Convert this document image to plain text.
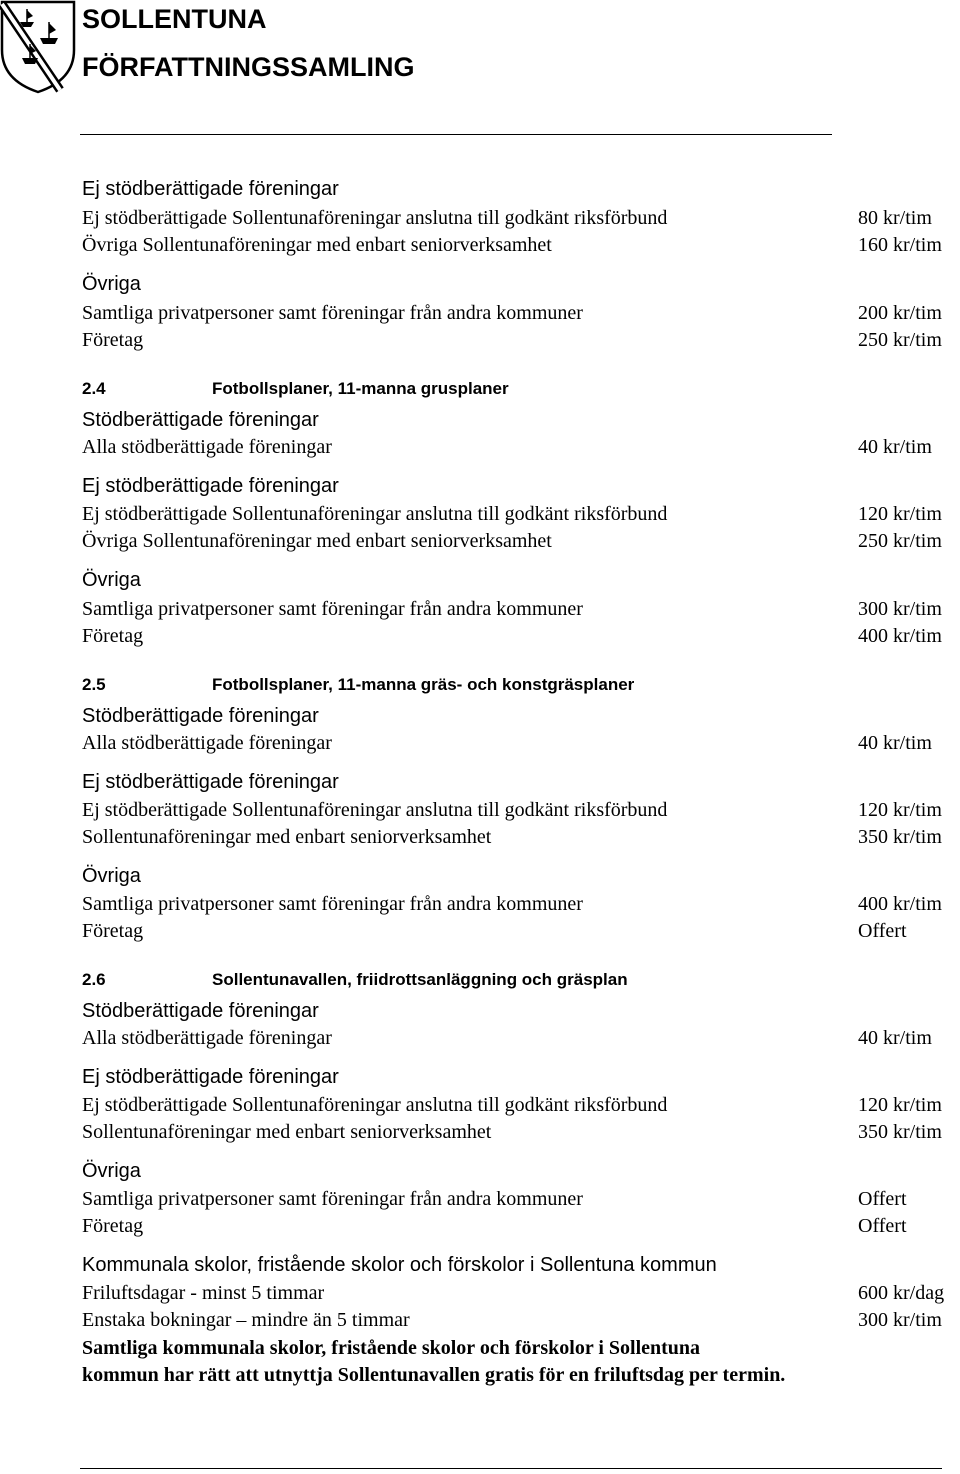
SOLLENTUNA
FÖRFATTNINGSSAMLING
Ej stödberättigade föreningar
Ej stödberättigade Sollentunaföreningar anslutna till godkänt riksförbund	80 kr/tim
Övriga Sollentunaföreningar med enbart seniorverksamhet	160 kr/tim
Övriga
Samtliga privatpersoner samt föreningar från andra kommuner	200 kr/tim
Företag	250 kr/tim
2.4	Fotbollsplaner, 11-manna grusplaner
Stödberättigade föreningar
Alla stödberättigade föreningar	40 kr/tim
Ej stödberättigade föreningar
Ej stödberättigade Sollentunaföreningar anslutna till godkänt riksförbund	120 kr/tim
Övriga Sollentunaföreningar med enbart seniorverksamhet	250 kr/tim
Övriga
Samtliga privatpersoner samt föreningar från andra kommuner	300 kr/tim
Företag	400 kr/tim
2.5	Fotbollsplaner, 11-manna gräs- och konstgräsplaner
Stödberättigade föreningar
Alla stödberättigade föreningar	40 kr/tim
Ej stödberättigade föreningar
Ej stödberättigade Sollentunaföreningar anslutna till godkänt riksförbund	120 kr/tim
Sollentunaföreningar med enbart seniorverksamhet	350 kr/tim
Övriga
Samtliga privatpersoner samt föreningar från andra kommuner	400 kr/tim
Företag	Offert
2.6	Sollentunavallen, friidrottsanläggning och gräsplan
Stödberättigade föreningar
Alla stödberättigade föreningar	40 kr/tim
Ej stödberättigade föreningar
Ej stödberättigade Sollentunaföreningar anslutna till godkänt riksförbund	120 kr/tim
Sollentunaföreningar med enbart seniorverksamhet	350 kr/tim
Övriga
Samtliga privatpersoner samt föreningar från andra kommuner	Offert
Företag	Offert
Kommunala skolor, fristående skolor och förskolor i Sollentuna kommun
Friluftsdagar - minst 5 timmar	600 kr/dag
Enstaka bokningar – mindre än 5 timmar	300 kr/tim
Samtliga kommunala skolor, fristående skolor och förskolor i Sollentuna
kommun har rätt att utnyttja Sollentunavallen gratis för en friluftsdag per termin.
